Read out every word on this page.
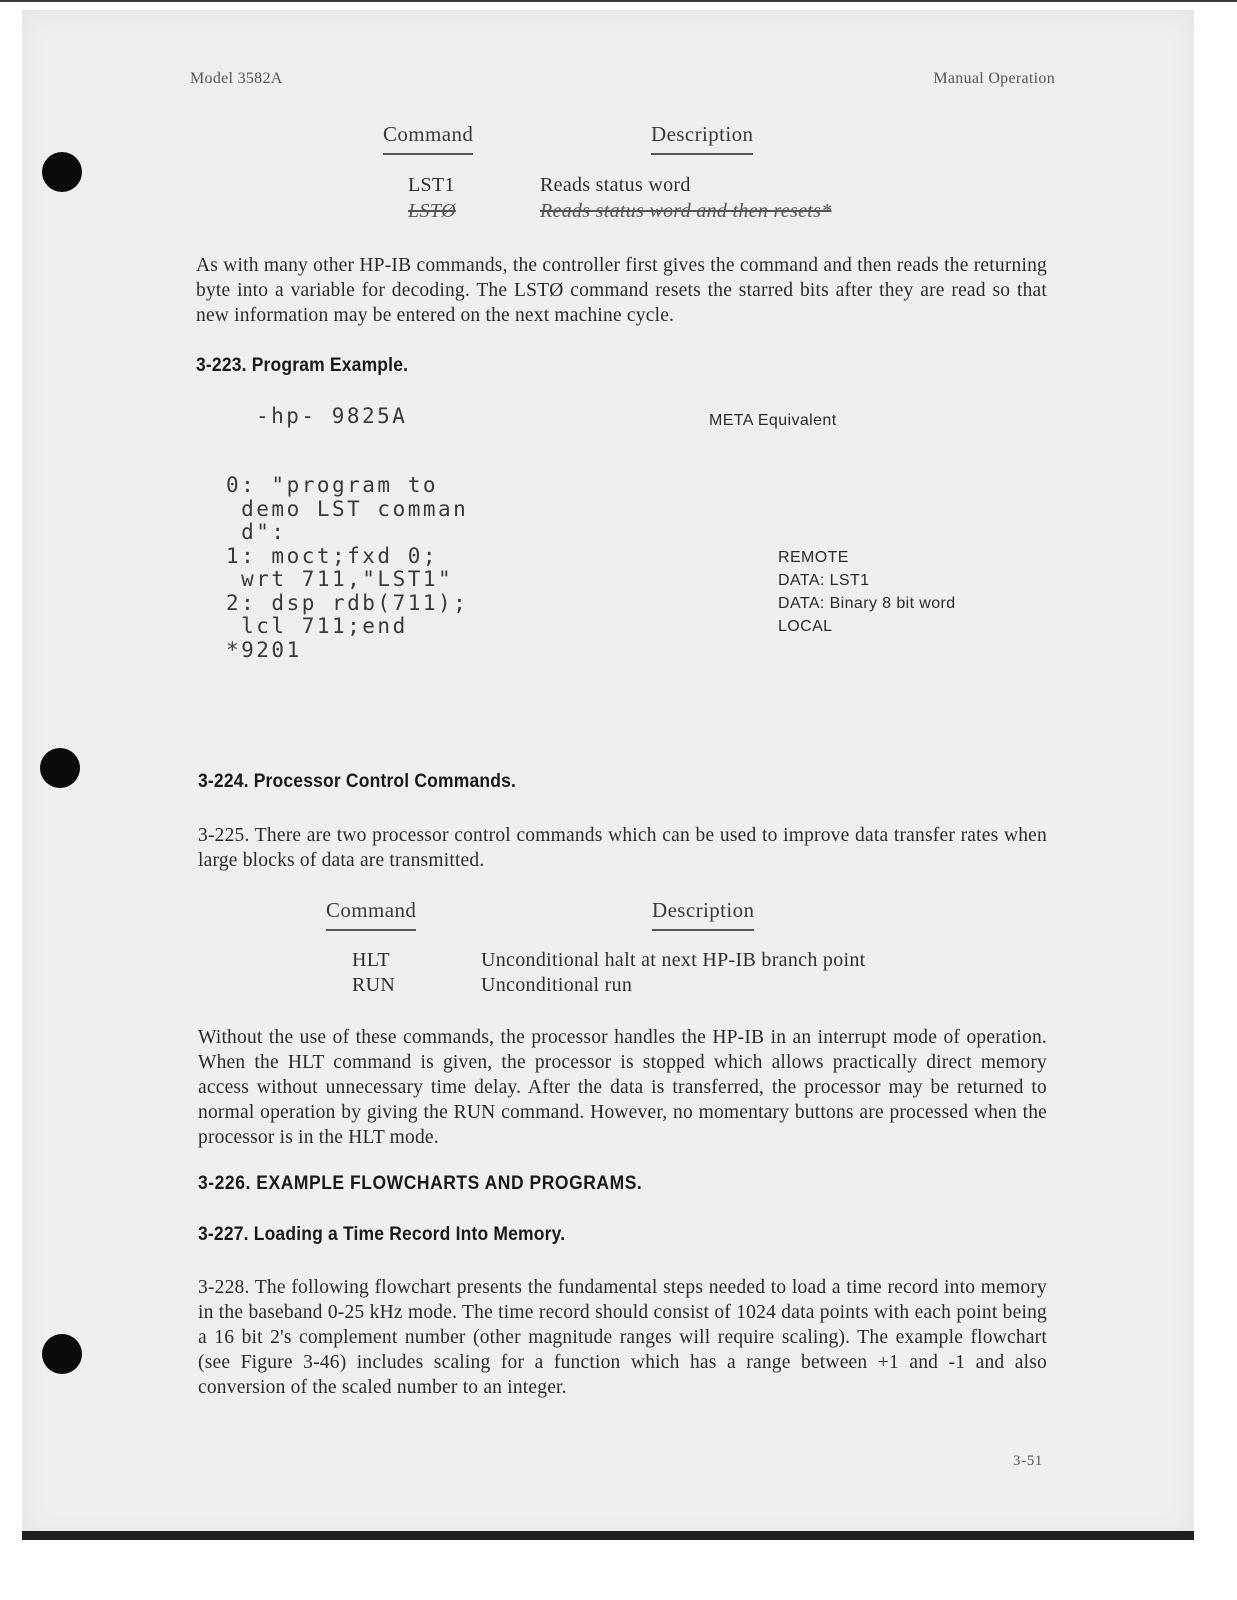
Model 3582A	Manual Operation
Command	Description
LST1	Reads status word
LSTØ	Reads status word and then resets*
As with many other HP-IB commands, the controller first gives the command and then reads the returning byte into a variable for decoding. The LSTØ command resets the starred bits after they are read so that new information may be entered on the next machine cycle.
3-223. Program Example.
-hp- 9825A	META Equivalent
0: "program to
demo LST comman
d":
1: moct;fxd 0;
wrt 711,"LST1"
2: dsp rdb(711);
lcl 711;end
*9201
REMOTE
DATA: LST1
DATA: Binary 8 bit word
LOCAL
3-224. Processor Control Commands.
3-225. There are two processor control commands which can be used to improve data transfer rates when large blocks of data are transmitted.
Command	Description
HLT	Unconditional halt at next HP-IB branch point
RUN	Unconditional run
Without the use of these commands, the processor handles the HP-IB in an interrupt mode of operation. When the HLT command is given, the processor is stopped which allows practically direct memory access without unnecessary time delay. After the data is transferred, the processor may be returned to normal operation by giving the RUN command. However, no momentary buttons are processed when the processor is in the HLT mode.
3-226. EXAMPLE FLOWCHARTS AND PROGRAMS.
3-227. Loading a Time Record Into Memory.
3-228. The following flowchart presents the fundamental steps needed to load a time record into memory in the baseband 0-25 kHz mode. The time record should consist of 1024 data points with each point being a 16 bit 2's complement number (other magnitude ranges will require scaling). The example flowchart (see Figure 3-46) includes scaling for a function which has a range between +1 and -1 and also conversion of the scaled number to an integer.
3-51
